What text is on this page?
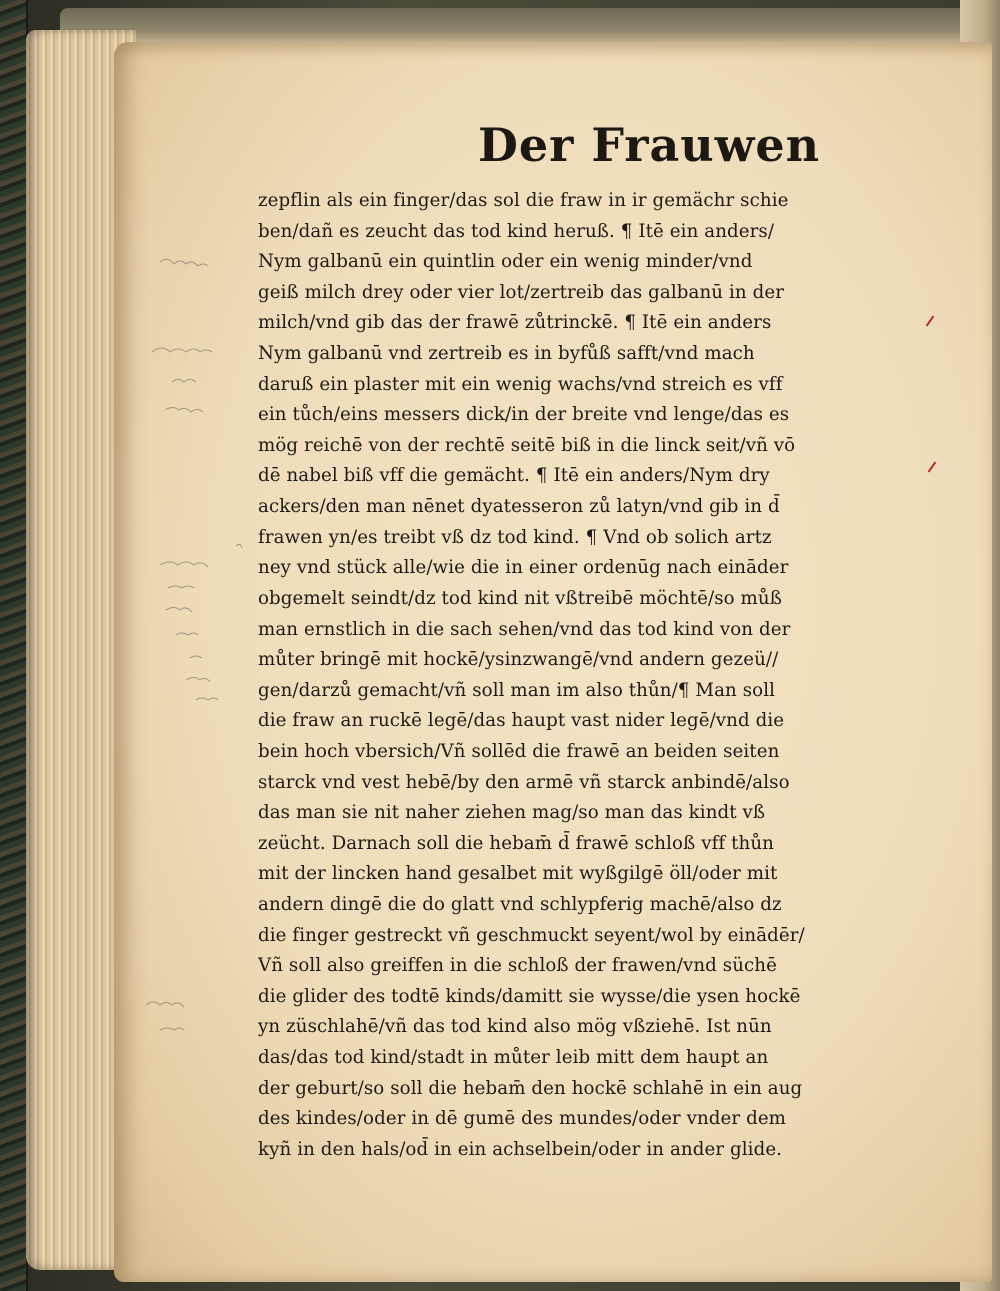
Der Frauwen
zepflin als ein finger/das sol die fraw in ir gemächr schie
ben/dañ es zeucht das tod kind heruß. ¶ Itē ein anders/
Nym galbanū ein quintlin oder ein wenig minder/vnd
geiß milch drey oder vier lot/zertreib das galbanū in der
milch/vnd gib das der frawē zůtrinckē. ¶ Itē ein anders
Nym galbanū vnd zertreib es in byfůß safft/vnd mach
daruß ein plaster mit ein wenig wachs/vnd streich es vff
ein tůch/eins messers dick/in der breite vnd lenge/das es
mög reichē von der rechtē seitē biß in die linck seit/vñ vō
dē nabel biß vff die gemächt. ¶ Itē ein anders/Nym dry
ackers/den man nēnet dyatesseron zů latyn/vnd gib in d̄
frawen yn/es treibt vß dz tod kind. ¶ Vnd ob solich artz
ney vnd stück alle/wie die in einer ordenūg nach eināder
obgemelt seindt/dz tod kind nit vßtreibē möchtē/so můß
man ernstlich in die sach sehen/vnd das tod kind von der
můter bringē mit hockē/ysinzwangē/vnd andern gezeü//
gen/darzů gemacht/vñ soll man im also thůn/¶ Man soll
die fraw an ruckē legē/das haupt vast nider legē/vnd die
bein hoch vbersich/Vñ sollēd die frawē an beiden seiten
starck vnd vest hebē/by den armē vñ starck anbindē/also
das man sie nit naher ziehen mag/so man das kindt vß
zeücht. Darnach soll die hebam̄ d̄ frawē schloß vff thůn
mit der lincken hand gesalbet mit wyßgilgē öll/oder mit
andern dingē die do glatt vnd schlypferig machē/also dz
die finger gestreckt vñ geschmuckt seyent/wol by einādēr/
Vñ soll also greiffen in die schloß der frawen/vnd süchē
die glider des todtē kinds/damitt sie wysse/die ysen hockē
yn züschlahē/vñ das tod kind also mög vßziehē. Ist nūn
das/das tod kind/stadt in můter leib mitt dem haupt an
der geburt/so soll die hebam̄ den hockē schlahē in ein aug
des kindes/oder in dē gumē des mundes/oder vnder dem
kyñ in den hals/od̄ in ein achselbein/oder in ander glide.
